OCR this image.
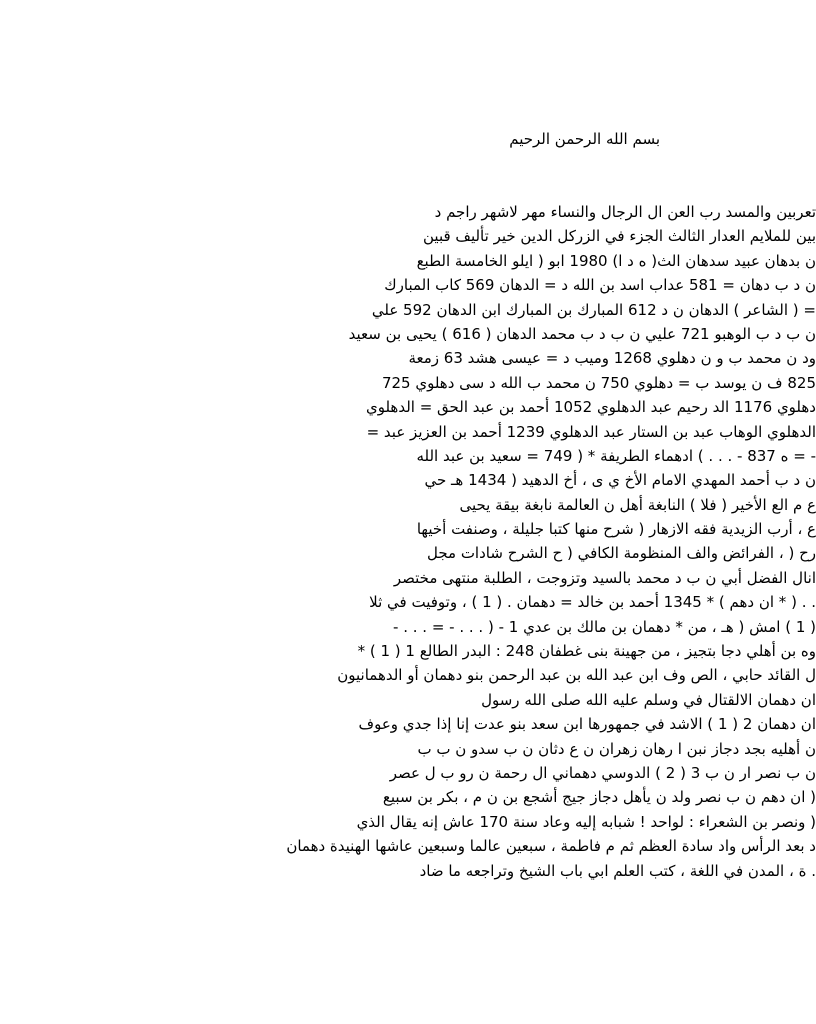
بسم الله الرحمن الرحيم
تعربين والمسد رب العن ال الرجال والنساء مهر لاشهر راجم د
بين للملايم العدار الثالث الجزء في الزركل الدين خير تأليف قبين
ن بدهان عبيد سدهان الث( ه د ا) 1980 ابو ( ايلو الخامسة الطبع
ن د ب دهان = 581 عداب اسد بن الله د = الدهان 569 كاب المبارك
= ( الشاعر ) الدهان ن د 612 المبارك بن المبارك ابن الدهان 592 علي
ن ب د ب الوهبو 721 عليي ن ب د ب محمد الدهان ( 616 ) يحيى بن سعيد
ود ن محمد ب و ن دهلوي 1268 وميب د = عيسى هشد 63 زمعة
825 ف ن يوسد ب = دهلوي 750 ن محمد ب الله د سى دهلوي 725
دهلوي 1176 الد رحيم عبد الدهلوي 1052 أحمد بن عبد الحق = الدهلوي
الدهلوي الوهاب عبد بن الستار عبد الدهلوي 1239 أحمد بن العزيز عبد =
- = ه 837 - . . . ) ادهماء الطريفة * ( 749 = سعيد بن عبد الله
ن د ب أحمد المهدي الامام الأخ ي ى ، أخ الدهيد ( 1434 هـ حي
ع م الع الأخير ( فلا ) النابغة أهل ن العالمة نابغة بيقة يحيى
ع ، أرب الزيدية فقه الازهار ( شرح منها كتبا جليلة ، وصنفت أخيها
رح ( ، الفرائض والف المنظومة الكافي ( ح الشرح شادات مجل
انال الفضل أبي ن ب د محمد بالسيد وتزوجت ، الطلبة منتهى مختصر
. . ( * ان دهم ) * 1345 أحمد بن خالد = دهمان . ( 1 ) ، وتوفيت في ثلا
( 1 ) امش ( هـ ، من * دهمان بن مالك بن عدي 1 - ( . . . - = . . . -
وه بن أهلي دجا بتجيز ، من جهينة بنى غطفان 248 : البدر الطالع 1 ( 1 ) *
ل القائد حابي ، الص وف ابن عبد الله بن عبد الرحمن بنو دهمان أو الدهمانيون
ان دهمان الالقتال في وسلم عليه الله صلى الله رسول
ان دهمان 2 ( 1 ) الاشد في جمهورها ابن سعد بنو عدت إنا إذا جدي وعوف
ن أهليه بجد دجاز نبن ا رهان زهران ن ع دثان ن ب سدو ن ب ب
ن ب نصر ار ن ب 3 ( 2 ) الدوسي دهماني ال رحمة ن رو ب ل عصر
( ان دهم ن ب نصر ولد ن يأهل دجاز جيج أشجع بن ن م ، بكر بن سبيع
( ونصر بن الشعراء : لواحد ! شبابه إليه وعاد سنة 170 عاش إنه يقال الذي
د بعد الرأس واد سادة العظم ثم م فاطمة ، سبعين عالما وسبعين عاشها الهنيدة دهمان
. ة ، المدن في اللغة ، كتب العلم ابي باب الشيخ وتراجعه ما ضاد
